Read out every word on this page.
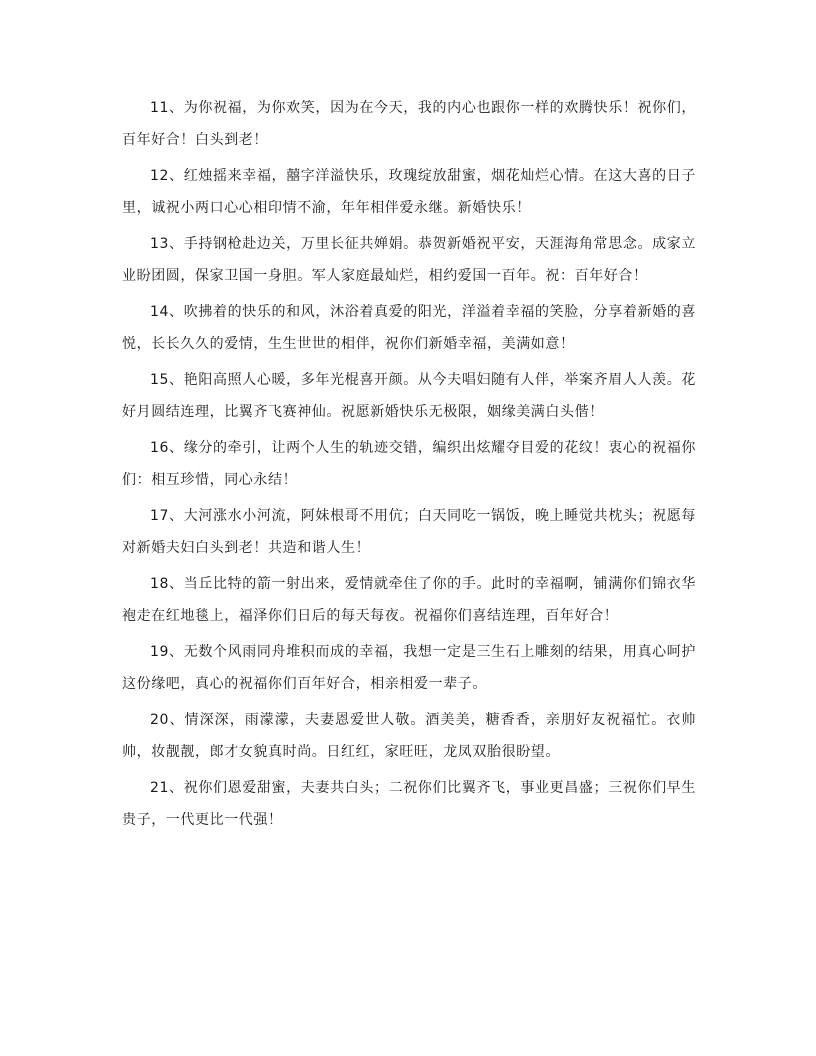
11、为你祝福，为你欢笑，因为在今天，我的内心也跟你一样的欢腾快乐！祝你们，百年好合！白头到老！

12、红烛摇来幸福，囍字洋溢快乐，玫瑰绽放甜蜜，烟花灿烂心情。在这大喜的日子里，诚祝小两口心心相印情不渝，年年相伴爱永继。新婚快乐！

13、手持钢枪赴边关，万里长征共婵娟。恭贺新婚祝平安，天涯海角常思念。成家立业盼团圆，保家卫国一身胆。军人家庭最灿烂，相约爱国一百年。祝：百年好合！

14、吹拂着的快乐的和风，沐浴着真爱的阳光，洋溢着幸福的笑脸，分享着新婚的喜悦，长长久久的爱情，生生世世的相伴，祝你们新婚幸福，美满如意！

15、艳阳高照人心暖，多年光棍喜开颜。从今夫唱妇随有人伴，举案齐眉人人羡。花好月圆结连理，比翼齐飞赛神仙。祝愿新婚快乐无极限，姻缘美满白头偕！

16、缘分的牵引，让两个人生的轨迹交错，编织出炫耀夺目爱的花纹！衷心的祝福你们：相互珍惜，同心永结！

17、大河涨水小河流，阿妹根哥不用伉；白天同吃一锅饭，晚上睡觉共枕头；祝愿每对新婚夫妇白头到老！共造和谐人生！

18、当丘比特的箭一射出来，爱情就牵住了你的手。此时的幸福啊，铺满你们锦衣华袍走在红地毯上，福泽你们日后的每天每夜。祝福你们喜结连理，百年好合！

19、无数个风雨同舟堆积而成的幸福，我想一定是三生石上雕刻的结果，用真心呵护这份缘吧，真心的祝福你们百年好合，相亲相爱一辈子。

20、情深深，雨濛濛，夫妻恩爱世人敬。酒美美，糖香香，亲朋好友祝福忙。衣帅帅，妆靓靓，郎才女貌真时尚。日红红，家旺旺，龙凤双胎很盼望。

21、祝你们恩爱甜蜜，夫妻共白头；二祝你们比翼齐飞，事业更昌盛；三祝你们早生贵子，一代更比一代强！
